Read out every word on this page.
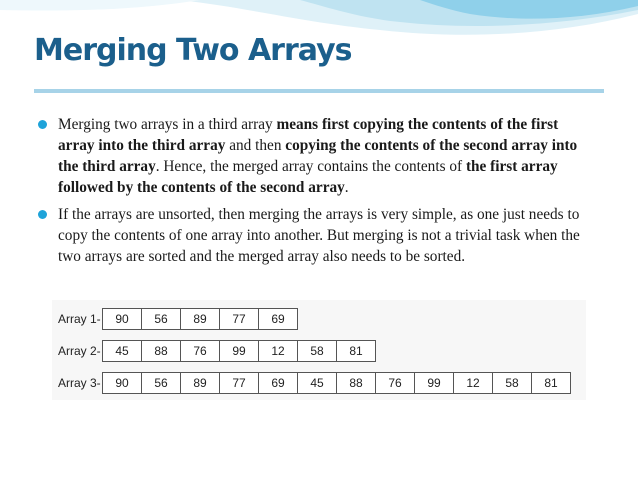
Merging Two Arrays
Merging two arrays in a third array means first copying the contents of the first array into the third array and then copying the contents of the second array into the third array. Hence, the merged array contains the contents of the first array followed by the contents of the second array.
If the arrays are unsorted, then merging the arrays is very simple, as one just needs to copy the contents of one array into another. But merging is not a trivial task when the two arrays are sorted and the merged array also needs to be sorted.
Array 1-	90	56	89	77	69
Array 2-	45	88	76	99	12	58	81
Array 3-	90	56	89	77	69	45	88	76	99	12	58	81
